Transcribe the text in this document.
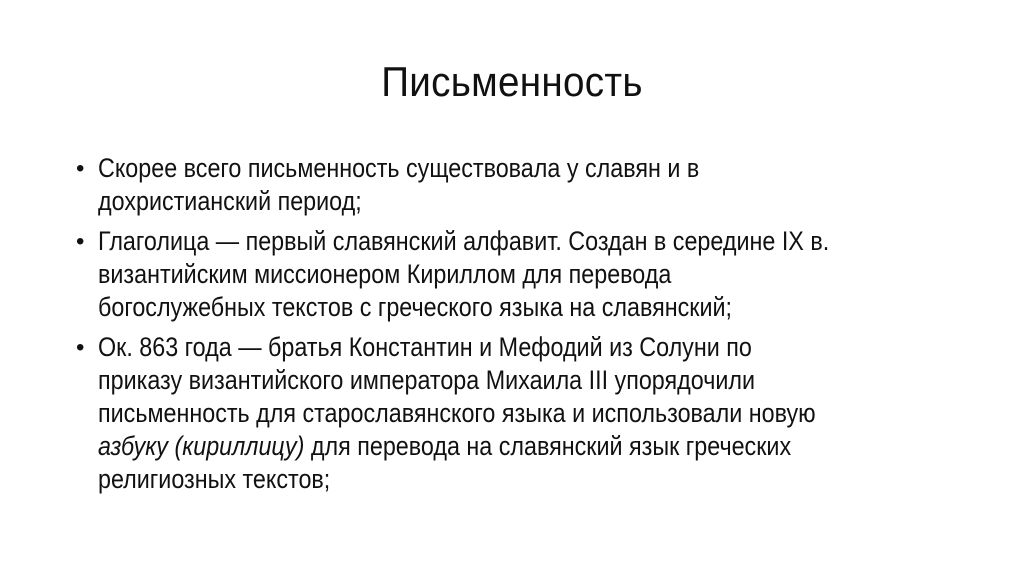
Письменность
• Скорее всего письменность существовала у славян и в
дохристианский период;
• Глаголица — первый славянский алфавит. Создан в середине IX в.
византийским миссионером Кириллом для перевода
богослужебных текстов с греческого языка на славянский;
• Ок. 863 года — братья Константин и Мефодий из Солуни по
приказу византийского императора Михаила III упорядочили
письменность для старославянского языка и использовали новую
азбуку (кириллицу) для перевода на славянский язык греческих
религиозных текстов;
